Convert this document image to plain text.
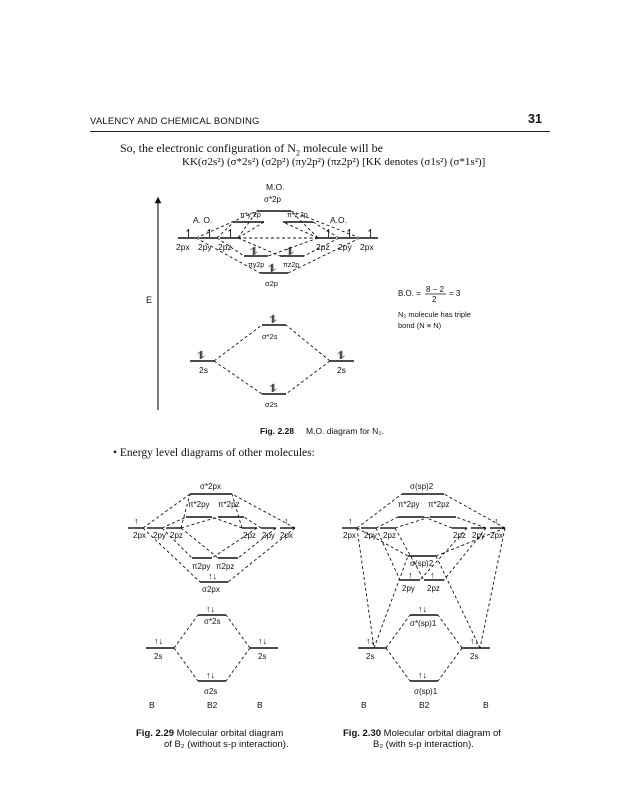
VALENCY AND CHEMICAL BONDING	31
So, the electronic configuration of $N_2$ molecule will be
KK(σ2s²) (σ*2s²) (σ2p²) (πy2p²) (πz2p²) [KK denotes (σ1s²) (σ*1s²)]
E
M.O.
A. O.	A.O.
σ*2p
π*y 2p	π*z 2p
↿ ↿ ↿
2px 2py 2pz
↿ ↿ ↿
2pz 2py 2px
⥮	⥮
πy2p	πz2p
⥮
σ2p
B.O. = 8 − 2
2
= 3
N₂ molecule has triple
bond (N ≡ N)
⥮
σ*2s
⥮	⥮
2s	2s
⥮
σ2s
Fig. 2.28 M.O. diagram for N₂.
σ*2px
π*2py π*2pz
↑
2px 2py 2pz
↑
2pz 2py 2px
π2py π2pz
↑↓
σ2px
↑↓
σ*2s
↑↓	↑↓
2s	2s
↑↓
σ2s
B	B2	B
σ(sp)2
π*2py π*2pz
↑
2px 2py 2pz
↑
2pz 2py 2px
σ(sp)2
↑ ↑
2py 2pz
↑↓
σ*(sp)1
↑↓	↑↓
2s	2s
↑↓
σ(sp)1
B	B2	B
• Energy level diagrams of other molecules:
Fig. 2.29 Molecular orbital diagram
of B₂ (without s-p interaction).
Fig. 2.30 Molecular orbital diagram of
B₂ (with s-p interaction).
